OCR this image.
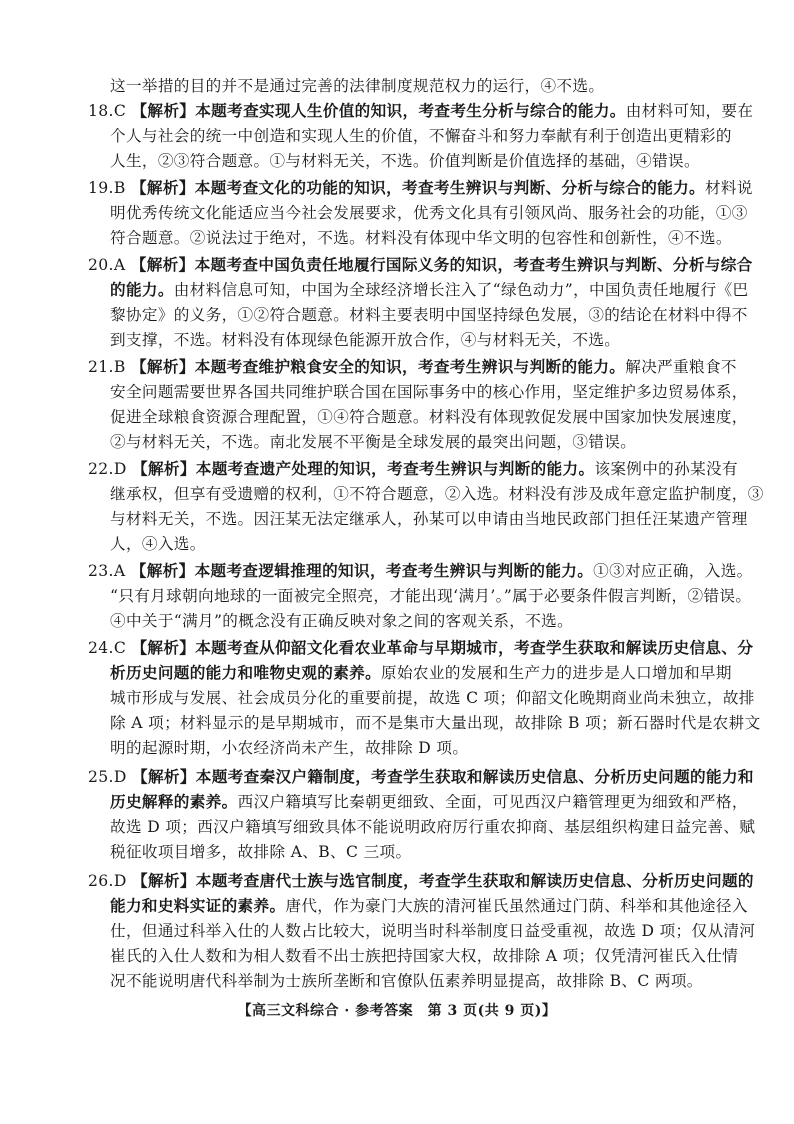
这一举措的目的并不是通过完善的法律制度规范权力的运行，④不选。
18.C 【解析】本题考查实现人生价值的知识，考查考生分析与综合的能力。由材料可知，要在
个人与社会的统一中创造和实现人生的价值，不懈奋斗和努力奉献有利于创造出更精彩的
人生，②③符合题意。①与材料无关，不选。价值判断是价值选择的基础，④错误。
19.B 【解析】本题考查文化的功能的知识，考查考生辨识与判断、分析与综合的能力。材料说
明优秀传统文化能适应当今社会发展要求，优秀文化具有引领风尚、服务社会的功能，①③
符合题意。②说法过于绝对，不选。材料没有体现中华文明的包容性和创新性，④不选。
20.A 【解析】本题考查中国负责任地履行国际义务的知识，考查考生辨识与判断、分析与综合
的能力。由材料信息可知，中国为全球经济增长注入了“绿色动力”，中国负责任地履行《巴
黎协定》的义务，①②符合题意。材料主要表明中国坚持绿色发展，③的结论在材料中得不
到支撑，不选。材料没有体现绿色能源开放合作，④与材料无关，不选。
21.B 【解析】本题考查维护粮食安全的知识，考查考生辨识与判断的能力。解决严重粮食不
安全问题需要世界各国共同维护联合国在国际事务中的核心作用，坚定维护多边贸易体系，
促进全球粮食资源合理配置，①④符合题意。材料没有体现敦促发展中国家加快发展速度，
②与材料无关，不选。南北发展不平衡是全球发展的最突出问题，③错误。
22.D 【解析】本题考查遗产处理的知识，考查考生辨识与判断的能力。该案例中的孙某没有
继承权，但享有受遗赠的权利，①不符合题意，②入选。材料没有涉及成年意定监护制度，③
与材料无关，不选。因汪某无法定继承人，孙某可以申请由当地民政部门担任汪某遗产管理
人，④入选。
23.A 【解析】本题考查逻辑推理的知识，考查考生辨识与判断的能力。①③对应正确，入选。
“只有月球朝向地球的一面被完全照亮，才能出现‘满月’。”属于必要条件假言判断，②错误。
④中关于“满月”的概念没有正确反映对象之间的客观关系，不选。
24.C 【解析】本题考查从仰韶文化看农业革命与早期城市，考查学生获取和解读历史信息、分
析历史问题的能力和唯物史观的素养。原始农业的发展和生产力的进步是人口增加和早期
城市形成与发展、社会成员分化的重要前提，故选 C 项；仰韶文化晚期商业尚未独立，故排
除 A 项；材料显示的是早期城市，而不是集市大量出现，故排除 B 项；新石器时代是农耕文
明的起源时期，小农经济尚未产生，故排除 D 项。
25.D 【解析】本题考查秦汉户籍制度，考查学生获取和解读历史信息、分析历史问题的能力和
历史解释的素养。西汉户籍填写比秦朝更细致、全面，可见西汉户籍管理更为细致和严格，
故选 D 项；西汉户籍填写细致具体不能说明政府厉行重农抑商、基层组织构建日益完善、赋
税征收项目增多，故排除 A、B、C 三项。
26.D 【解析】本题考查唐代士族与选官制度，考查学生获取和解读历史信息、分析历史问题的
能力和史料实证的素养。唐代，作为豪门大族的清河崔氏虽然通过门荫、科举和其他途径入
仕，但通过科举入仕的人数占比较大，说明当时科举制度日益受重视，故选 D 项；仅从清河
崔氏的入仕人数和为相人数看不出士族把持国家大权，故排除 A 项；仅凭清河崔氏入仕情
况不能说明唐代科举制为士族所垄断和官僚队伍素养明显提高，故排除 B、C 两项。
【高三文科综合 · 参考答案　第 3 页(共 9 页)】
